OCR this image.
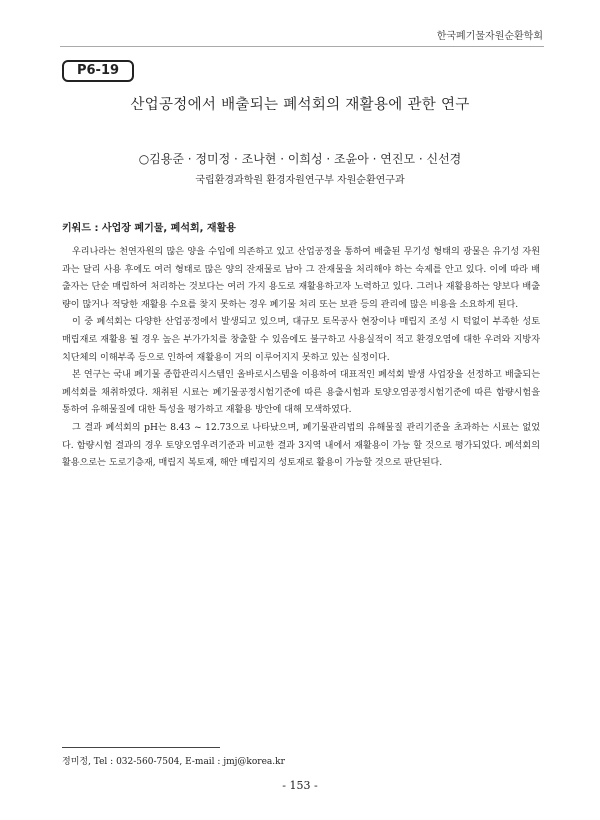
한국폐기물자원순환학회
P6-19
산업공정에서 배출되는 폐석회의 재활용에 관한 연구
○김용준 · 정미정 · 조나현 · 이희성 · 조윤아 · 연진모 · 신선경
국립환경과학원 환경자원연구부 자원순환연구과
키워드 : 사업장 폐기물, 폐석회, 재활용

우리나라는 천연자원의 많은 양을 수입에 의존하고 있고 산업공정을 통하여 배출된 무기성 형태의 광물은 유기성 자원과는 달리 사용 후에도 여러 형태로 많은 양의 잔재물로 남아 그 잔재물을 처리해야 하는 숙제를 안고 있다. 이에 따라 배출자는 단순 매립하여 처리하는 것보다는 여러 가지 용도로 재활용하고자 노력하고 있다. 그러나 재활용하는 양보다 배출량이 많거나 적당한 재활용 수요를 찾지 못하는 경우 폐기물 처리 또는 보관 등의 관리에 많은 비용을 소요하게 된다.

이 중 폐석회는 다양한 산업공정에서 발생되고 있으며, 대규모 토목공사 현장이나 매립지 조성 시 턱없이 부족한 성토 매립재로 재활용 될 경우 높은 부가가치를 창출할 수 있음에도 불구하고 사용실적이 적고 환경오염에 대한 우려와 지방자치단체의 이해부족 등으로 인하여 재활용이 거의 이루어지지 못하고 있는 실정이다.

본 연구는 국내 폐기물 종합관리시스템인 올바로시스템을 이용하여 대표적인 폐석회 발생 사업장을 선정하고 배출되는 폐석회를 채취하였다. 채취된 시료는 폐기물공정시험기준에 따른 용출시험과 토양오염공정시험기준에 따른 함량시험을 통하여 유해물질에 대한 특성을 평가하고 재활용 방안에 대해 모색하였다.

그 결과 폐석회의 pH는 8.43 ~ 12.73으로 나타났으며, 폐기물관리법의 유해물질 관리기준을 초과하는 시료는 없었다. 함량시험 결과의 경우 토양오염우려기준과 비교한 결과 3지역 내에서 재활용이 가능 할 것으로 평가되었다. 폐석회의 활용으로는 도로기층재, 매립지 복토재, 해안 매립지의 성토재로 활용이 가능할 것으로 판단된다.

정미정, Tel : 032-560-7504, E-mail : jmj@korea.kr
- 153 -
